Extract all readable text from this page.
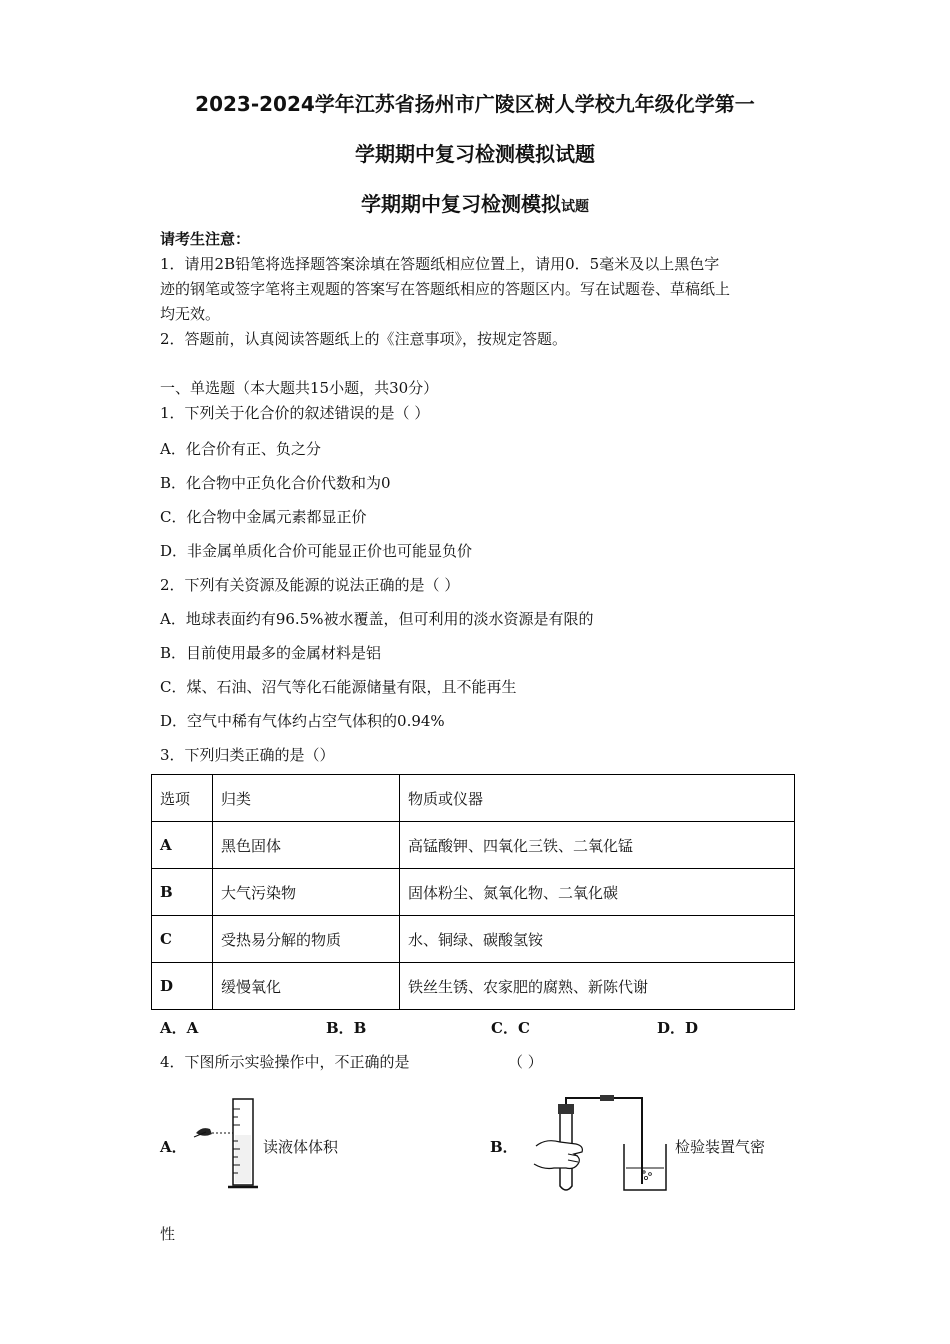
2023-2024学年江苏省扬州市广陵区树人学校九年级化学第一
学期期中复习检测模拟试题
学期期中复习检测模拟试题
请考生注意：
1．请用2B铅笔将选择题答案涂填在答题纸相应位置上，请用0．5毫米及以上黑色字
迹的钢笔或签字笔将主观题的答案写在答题纸相应的答题区内。写在试题卷、草稿纸上
均无效。
2．答题前，认真阅读答题纸上的《注意事项》，按规定答题。
一、单选题（本大题共15小题，共30分）
1．下列关于化合价的叙述错误的是（ ）
A．化合价有正、负之分
B．化合物中正负化合价代数和为0
C．化合物中金属元素都显正价
D．非金属单质化合价可能显正价也可能显负价
2．下列有关资源及能源的说法正确的是（ ）
A．地球表面约有96.5%被水覆盖，但可利用的淡水资源是有限的
B．目前使用最多的金属材料是铝
C．煤、石油、沼气等化石能源储量有限，且不能再生
D．空气中稀有气体约占空气体积的0.94%
3．下列归类正确的是（）
选项	归类	物质或仪器
A	黑色固体	高锰酸钾、四氧化三铁、二氧化锰
B	大气污染物	固体粉尘、氮氧化物、二氧化碳
C	受热易分解的物质	水、铜绿、碳酸氢铵
D	缓慢氧化	铁丝生锈、农家肥的腐熟、新陈代谢
A．A	B．B	C．C	D．D
4．下图所示实验操作中，不正确的是	（ ）
A．	读液体体积	B．	检验装置气密
性
